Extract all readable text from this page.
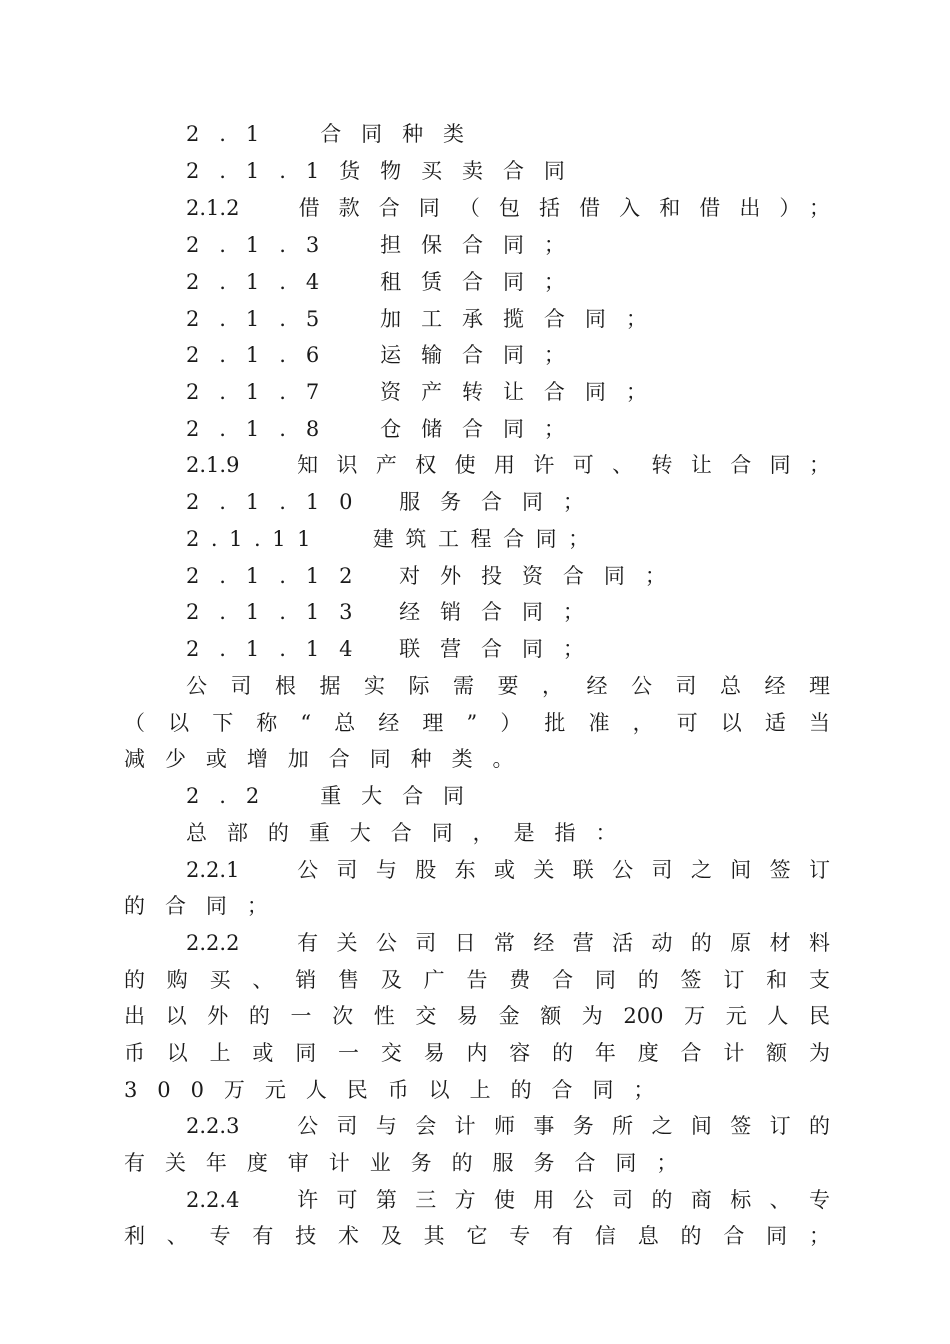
2.1　合同种类
2.1.1货物买卖合同
2.1.2　借款合同（包括借入和借出）；
2.1.3　担保合同；
2.1.4　租赁合同；
2.1.5　加工承揽合同；
2.1.6　运输合同；
2.1.7　资产转让合同；
2.1.8　仓储合同；
2.1.9　知识产权使用许可、转让合同；
2.1.10 服务合同；
2.1.11　 建筑工程合同；
2.1.12 对外投资合同；
2.1.13 经销合同；
2.1.14 联营合同；
公司根据实际需要，经公司总经理
（以下称“总经理”）批准，可以适当
减少或增加合同种类。
2.2　重大合同
总部的重大合同，是指：
2.2.1　公司与股东或关联公司之间签订
的合同；
2.2.2　有关公司日常经营活动的原材料
的购买、销售及广告费合同的签订和支
出以外的一次性交易金额为200万元人民
币以上或同一交易内容的年度合计额为
300万元人民币以上的合同；
2.2.3　公司与会计师事务所之间签订的
有关年度审计业务的服务合同；
2.2.4　许可第三方使用公司的商标、专
利、专有技术及其它专有信息的合同；
